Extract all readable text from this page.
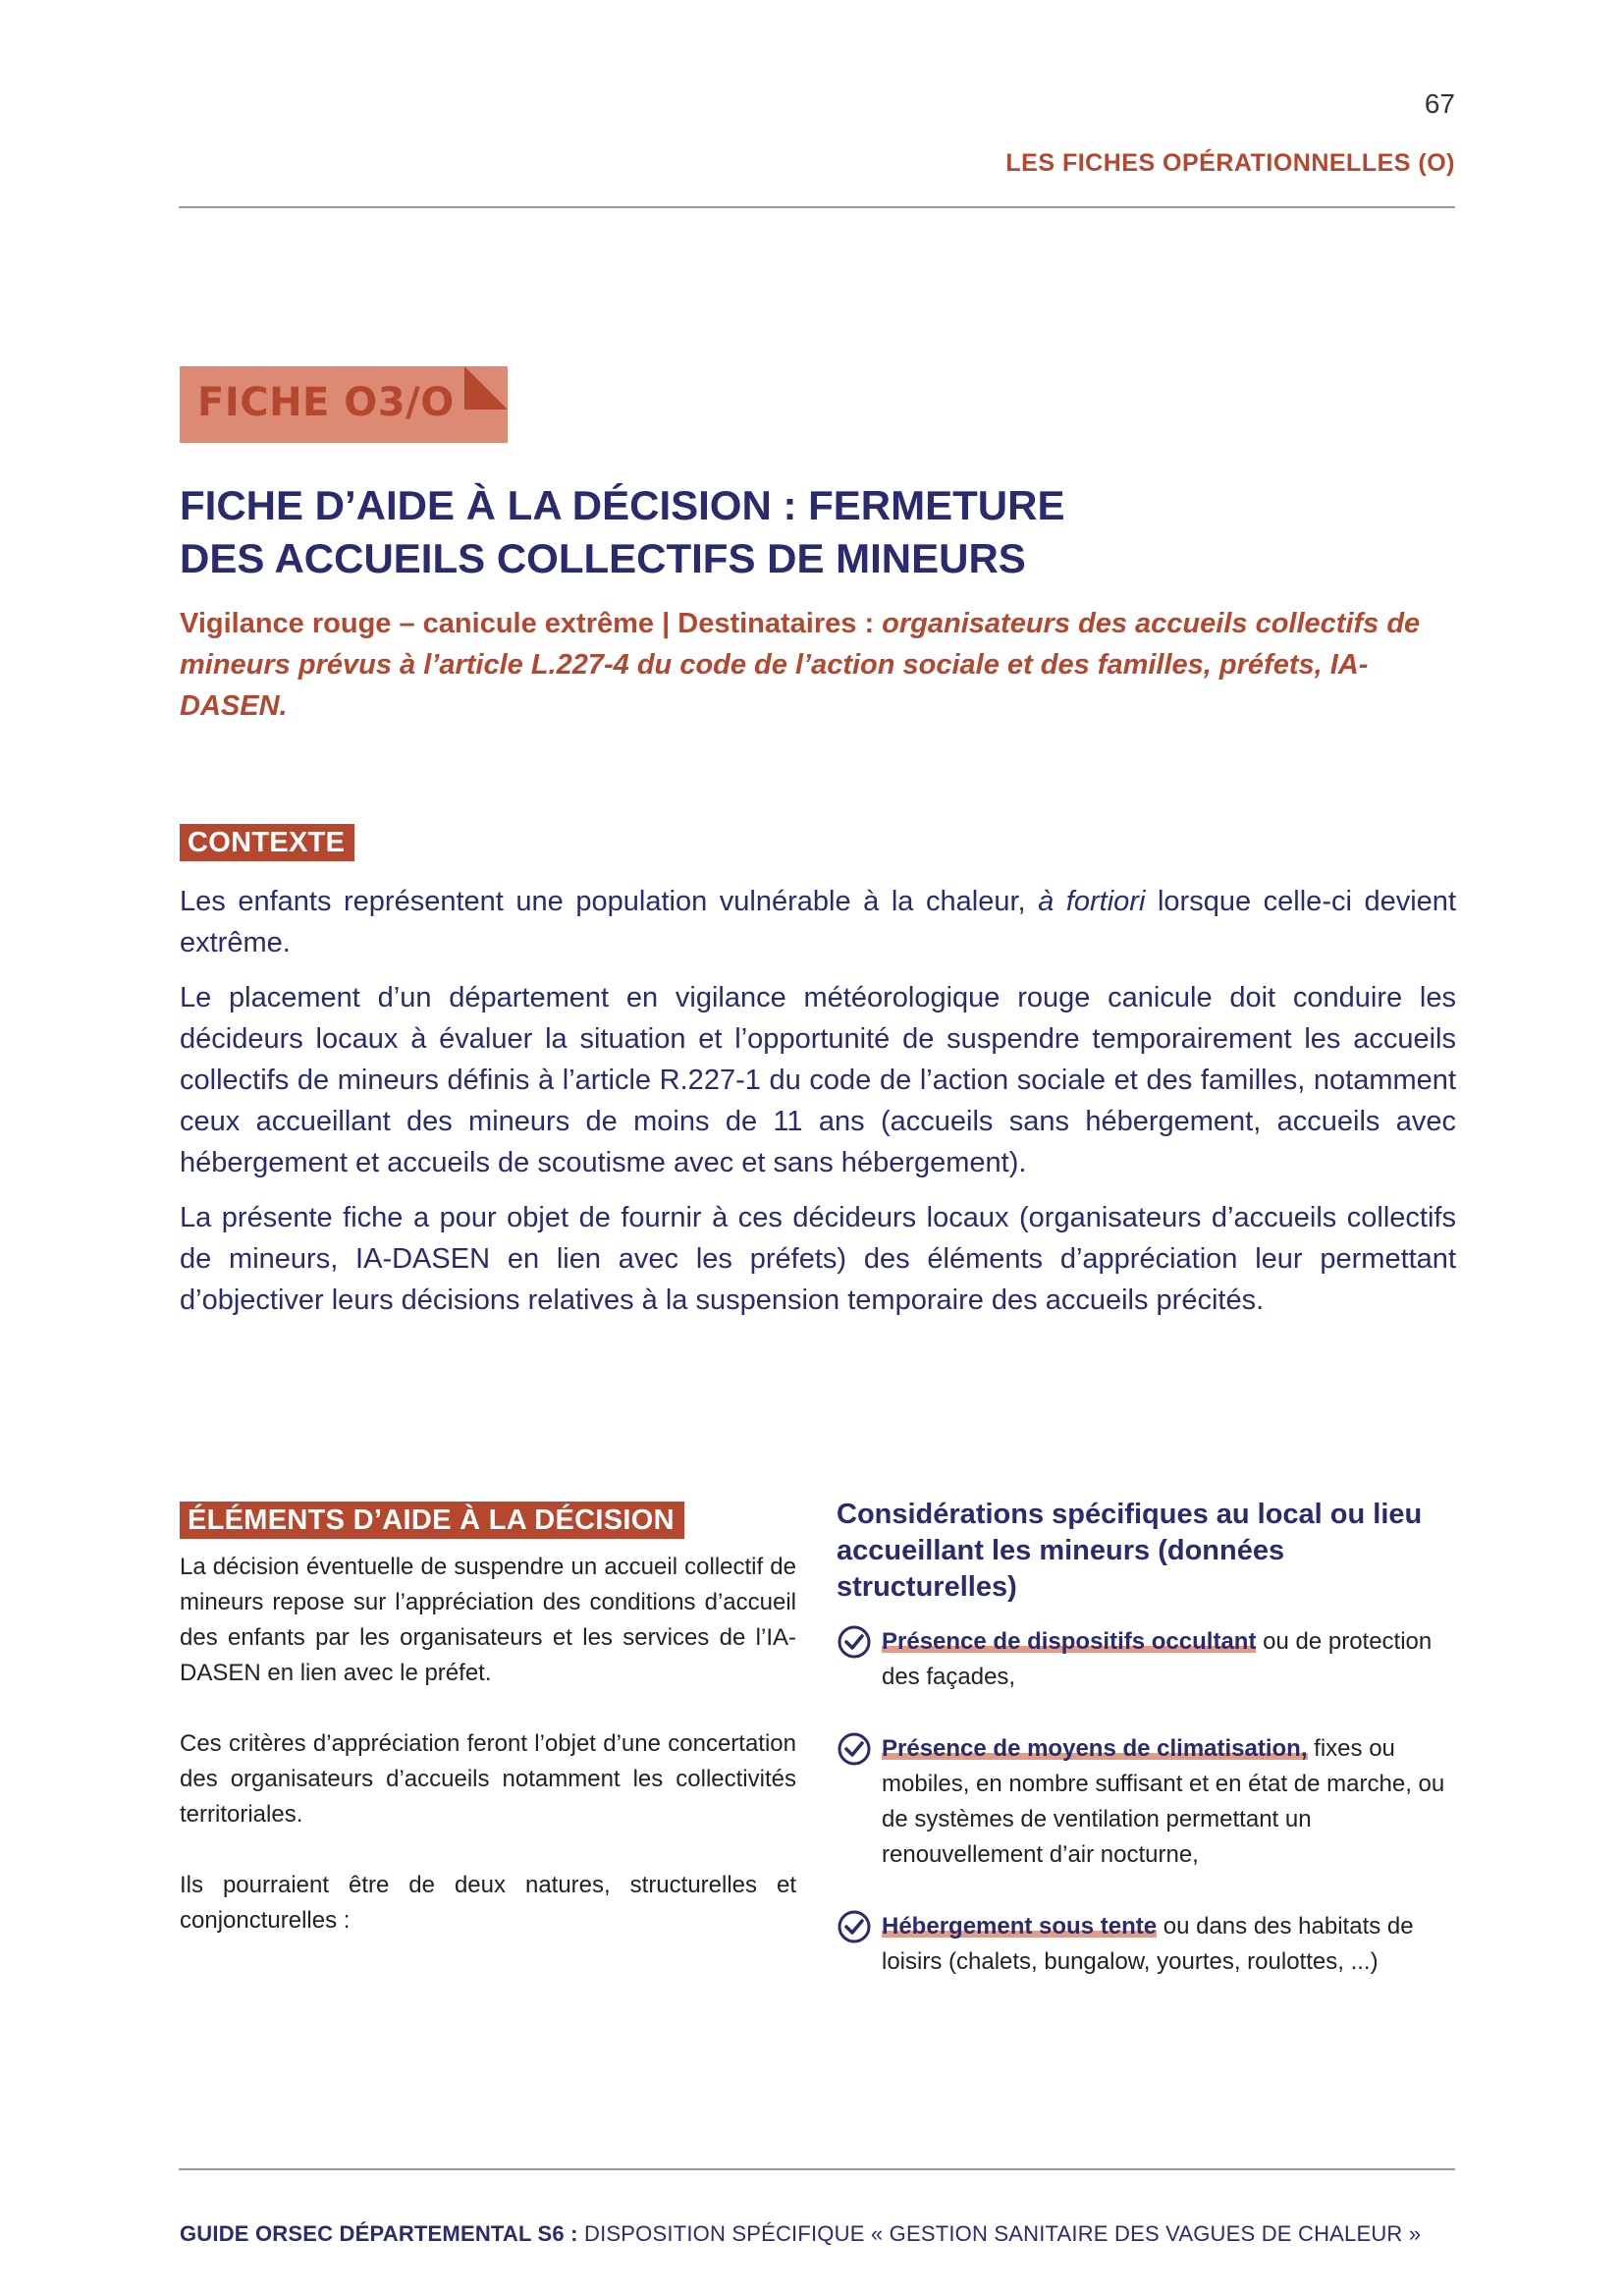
67
LES FICHES OPÉRATIONNELLES (O)
FICHE O3/O
FICHE D’AIDE À LA DÉCISION : FERMETURE
DES ACCUEILS COLLECTIFS DE MINEURS
Vigilance rouge – canicule extrême | Destinataires : organisateurs des accueils collectifs de mineurs prévus à l’article L.227-4 du code de l’action sociale et des familles, préfets, IA-DASEN.
CONTEXTE

Les enfants représentent une population vulnérable à la chaleur, à fortiori lorsque celle-ci devient extrême.

Le placement d’un département en vigilance météorologique rouge canicule doit conduire les décideurs locaux à évaluer la situation et l’opportunité de suspendre temporairement les accueils collectifs de mineurs définis à l’article R.227-1 du code de l’action sociale et des familles, notamment ceux accueillant des mineurs de moins de 11 ans (accueils sans hébergement, accueils avec hébergement et accueils de scoutisme avec et sans hébergement).

La présente fiche a pour objet de fournir à ces décideurs locaux (organisateurs d’accueils collectifs de mineurs, IA-DASEN en lien avec les préfets) des éléments d’appréciation leur permettant d’objectiver leurs décisions relatives à la suspension temporaire des accueils précités.

ÉLÉMENTS D’AIDE À LA DÉCISION

La décision éventuelle de suspendre un accueil collectif de mineurs repose sur l’appréciation des conditions d’accueil des enfants par les organisateurs et les services de l’IA-DASEN en lien avec le préfet.

Ces critères d’appréciation feront l’objet d’une concertation des organisateurs d’accueils notamment les collectivités territoriales.

Ils pourraient être de deux natures, structurelles et conjoncturelles :

Considérations spécifiques au local ou lieu accueillant les mineurs (données structurelles)
Présence de dispositifs occultant ou de protection des façades,
Présence de moyens de climatisation, fixes ou mobiles, en nombre suffisant et en état de marche, ou de systèmes de ventilation permettant un renouvellement d’air nocturne,
Hébergement sous tente ou dans des habitats de loisirs (chalets, bungalow, yourtes, roulottes, ...)
GUIDE ORSEC DÉPARTEMENTAL S6 : DISPOSITION SPÉCIFIQUE « GESTION SANITAIRE DES VAGUES DE CHALEUR »
